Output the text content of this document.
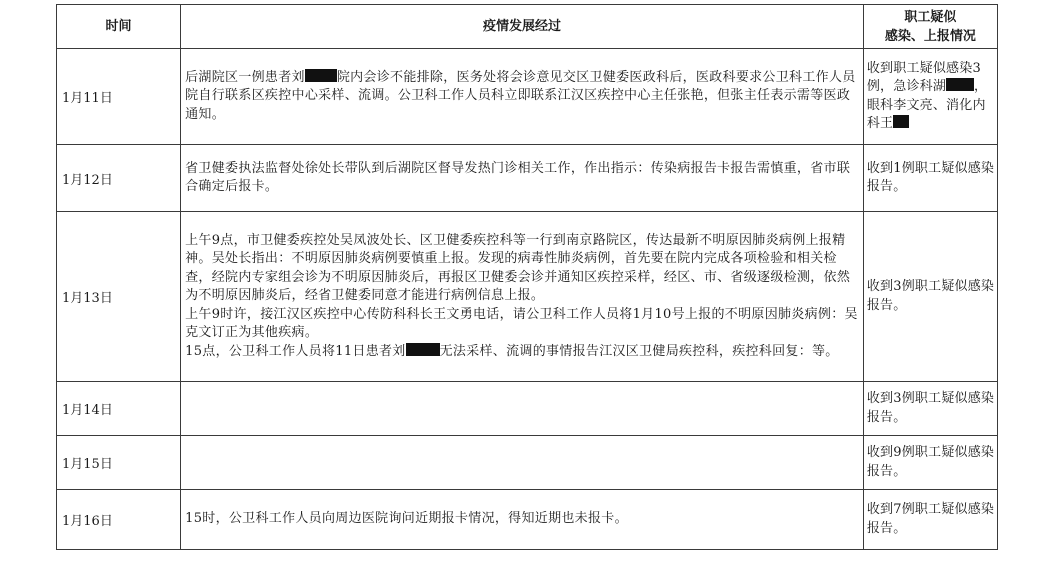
时间	疫情发展经过	职工疑似
感染、上报情况

1月11日	后湖院区一例患者刘 院内会诊不能排除，医务处将会诊意见交区卫健委医政科后，医政科要求公卫科工作人员院自行联系区疾控中心采样、流调。公卫科工作人员科立即联系江汉区疾控中心主任张艳，但张主任表示需等医政通知。	收到职工疑似感染3例，急诊科湖 ，眼科李文亮、消化内科王
1月12日	省卫健委执法监督处徐处长带队到后湖院区督导发热门诊相关工作，作出指示：传染病报告卡报告需慎重，省市联合确定后报卡。	收到1例职工疑似感染报告。
1月13日	上午9点，市卫健委疾控处吴凤波处长、区卫健委疾控科等一行到南京路院区，传达最新不明原因肺炎病例上报精神。吴处长指出：不明原因肺炎病例要慎重上报。发现的病毒性肺炎病例，首先要在院内完成各项检验和相关检查，经院内专家组会诊为不明原因肺炎后，再报区卫健委会诊并通知区疾控采样，经区、市、省级逐级检测，依然为不明原因肺炎后，经省卫健委同意才能进行病例信息上报。
上午9时许，接江汉区疾控中心传防科科长王文勇电话，请公卫科工作人员将1月10号上报的不明原因肺炎病例：吴克文订正为其他疾病。
15点，公卫科工作人员将11日患者刘 无法采样、流调的事情报告江汉区卫健局疾控科，疾控科回复：等。	收到3例职工疑似感染报告。
1月14日		收到3例职工疑似感染报告。
1月15日		收到9例职工疑似感染报告。
1月16日	15时，公卫科工作人员向周边医院询问近期报卡情况，得知近期也未报卡。	收到7例职工疑似感染报告。
